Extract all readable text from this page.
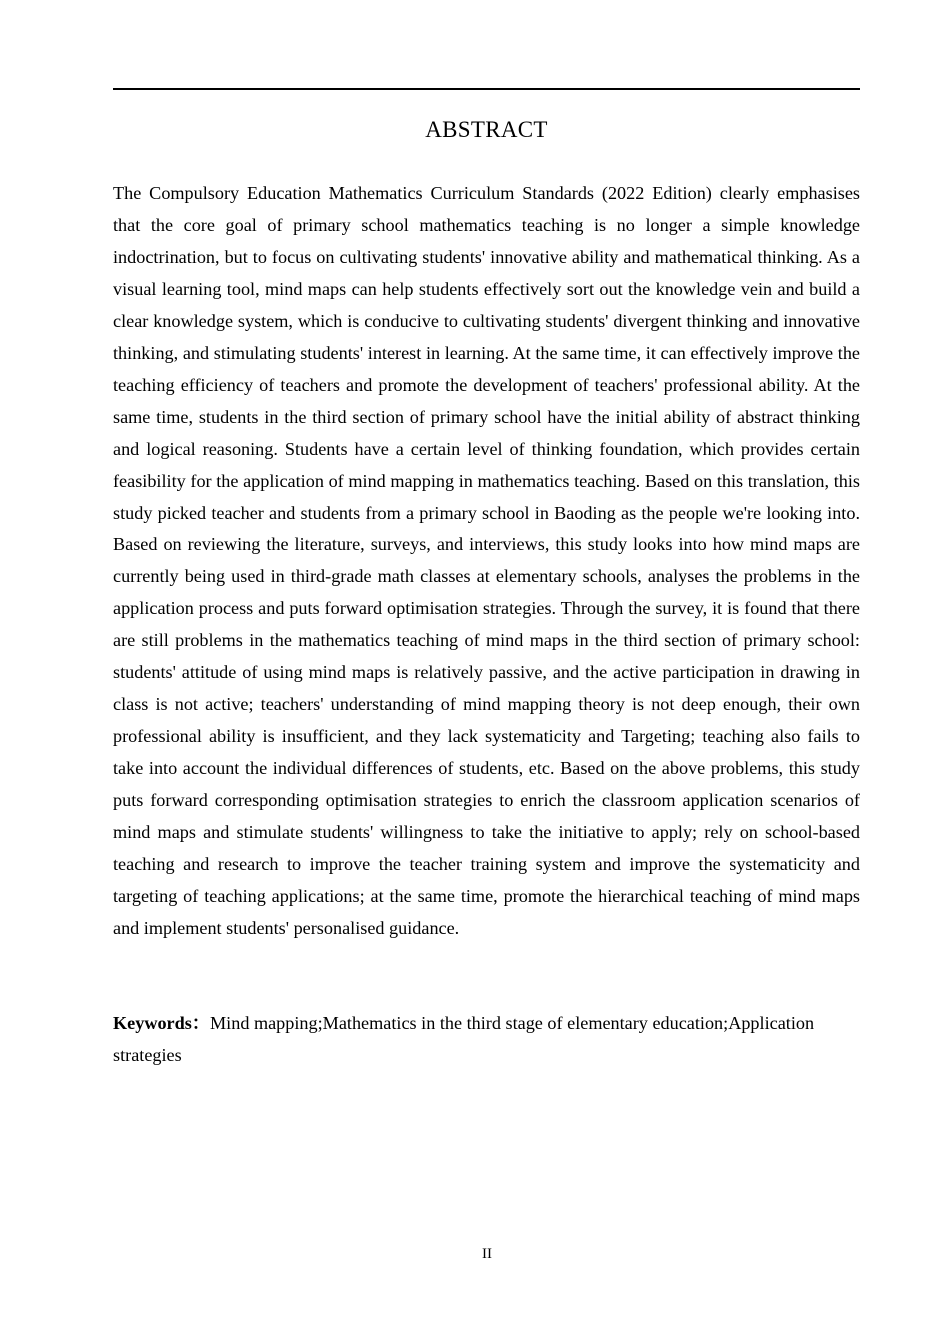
ABSTRACT

The Compulsory Education Mathematics Curriculum Standards (2022 Edition) clearly emphasises that the core goal of primary school mathematics teaching is no longer a simple knowledge indoctrination, but to focus on cultivating students' innovative ability and mathematical thinking. As a visual learning tool, mind maps can help students effectively sort out the knowledge vein and build a clear knowledge system, which is conducive to cultivating students' divergent thinking and innovative thinking, and stimulating students' interest in learning. At the same time, it can effectively improve the teaching efficiency of teachers and promote the development of teachers' professional ability. At the same time, students in the third section of primary school have the initial ability of abstract thinking and logical reasoning. Students have a certain level of thinking foundation, which provides certain feasibility for the application of mind mapping in mathematics teaching. Based on this translation, this study picked teacher and students from a primary school in Baoding as the people we're looking into. Based on reviewing the literature, surveys, and interviews, this study looks into how mind maps are currently being used in third-grade math classes at elementary schools, analyses the problems in the application process and puts forward optimisation strategies. Through the survey, it is found that there are still problems in the mathematics teaching of mind maps in the third section of primary school: students' attitude of using mind maps is relatively passive, and the active participation in drawing in class is not active; teachers' understanding of mind mapping theory is not deep enough, their own professional ability is insufficient, and they lack systematicity and Targeting; teaching also fails to take into account the individual differences of students, etc. Based on the above problems, this study puts forward corresponding optimisation strategies to enrich the classroom application scenarios of mind maps and stimulate students' willingness to take the initiative to apply; rely on school-based teaching and research to improve the teacher training system and improve the systematicity and targeting of teaching applications; at the same time, promote the hierarchical teaching of mind maps and implement students' personalised guidance.

Keywords：Mind mapping;Mathematics in the third stage of elementary education;Application strategies

II
